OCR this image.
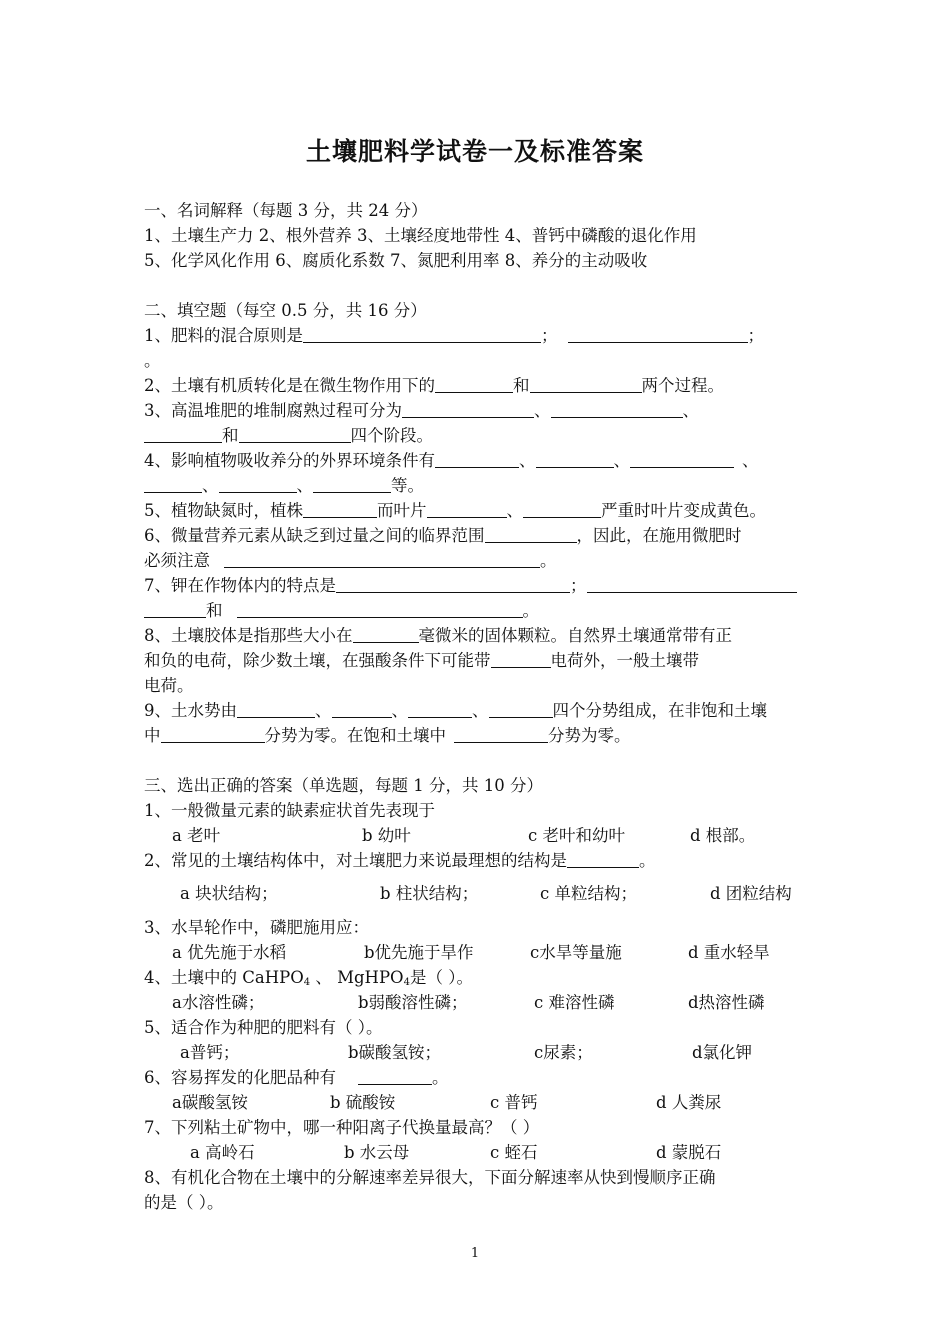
土壤肥料学试卷一及标准答案
一、名词解释（每题 3 分，共 24 分）
1、土壤生产力 2、根外营养 3、土壤经度地带性 4、普钙中磷酸的退化作用
5、化学风化作用 6、腐质化系数 7、氮肥利用率 8、养分的主动吸收
二、填空题（每空 0.5 分，共 16 分）
1、肥料的混合原则是	；	；
。
2、土壤有机质转化是在微生物作用下的	和	两个过程。
3、高温堆肥的堆制腐熟过程可分为	、	、
和	四个阶段。
4、影响植物吸收养分的外界环境条件有	、	、	、
、	、	等。
5、植物缺氮时，植株	而叶片	、	严重时叶片变成黄色。
6、微量营养元素从缺乏到过量之间的临界范围	，因此，在施用微肥时
必须注意	。
7、钾在作物体内的特点是	；
和	。
8、土壤胶体是指那些大小在	毫微米的固体颗粒。自然界土壤通常带有正
和负的电荷，除少数土壤，在强酸条件下可能带	电荷外，一般土壤带
电荷。
9、土水势由	、	、	、	四个分势组成，在非饱和土壤
中	分势为零。在饱和土壤中	分势为零。
三、选出正确的答案（单选题，每题 1 分，共 10 分）
1、一般微量元素的缺素症状首先表现于
a 老叶	b 幼叶	c 老叶和幼叶	d 根部。
2、常见的土壤结构体中，对土壤肥力来说最理想的结构是	。
a 块状结构；	b 柱状结构；	c 单粒结构；	d 团粒结构
3、水旱轮作中，磷肥施用应：
a 优先施于水稻	b优先施于旱作	c水旱等量施	d 重水轻旱
4、土壤中的 CaHPO$_4$ 、 MgHPO$_4$是（ ）。
a水溶性磷；	b弱酸溶性磷；	c 难溶性磷	d热溶性磷
5、适合作为种肥的肥料有（ ）。
a普钙；	b碳酸氢铵；	c尿素；	d氯化钾
6、容易挥发的化肥品种有	。
a碳酸氢铵	b 硫酸铵	c 普钙	d 人粪尿
7、下列粘土矿物中，哪一种阳离子代换量最高？（ ）
a 高岭石	b 水云母	c 蛭石	d 蒙脱石
8、有机化合物在土壤中的分解速率差异很大，下面分解速率从快到慢顺序正确
的是（ ）。
1
